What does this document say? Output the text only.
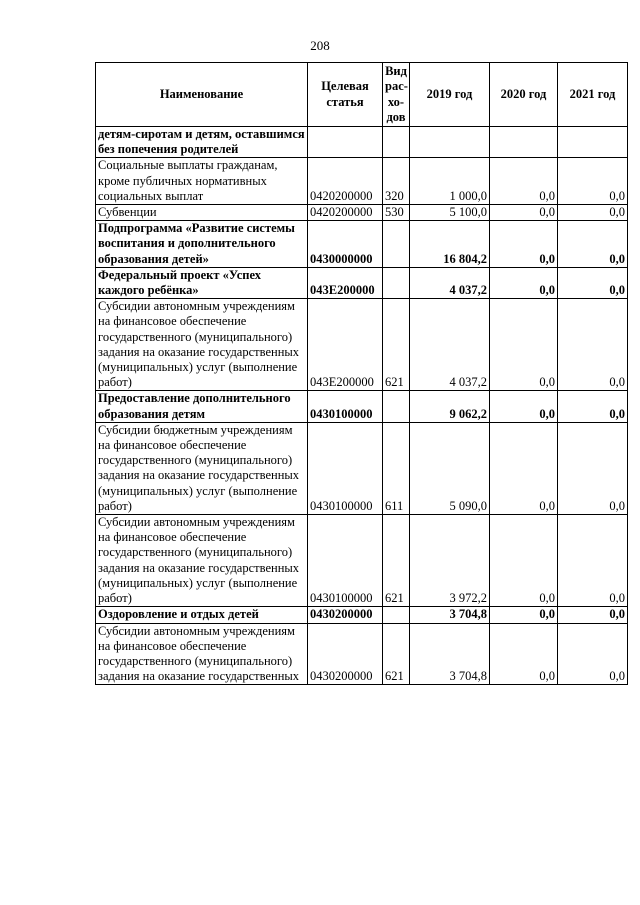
208
Наименование	Целевая статья	Вид рас-хо-дов	2019 год	2020 год	2021 год
детям-сиротам и детям, оставшимся без попечения родителей					
Социальные выплаты гражданам, кроме публичных нормативных социальных выплат	0420200000	320	1 000,0	0,0	0,0
Субвенции	0420200000	530	5 100,0	0,0	0,0
Подпрограмма «Развитие системы воспитания и дополнительного образования детей»	0430000000		16 804,2	0,0	0,0
Федеральный проект «Успех каждого ребёнка»	043Е200000		4 037,2	0,0	0,0
Субсидии автономным учреждениям на финансовое обеспечение государственного (муниципального) задания на оказание государственных (муниципальных) услуг (выполнение работ)	043Е200000	621	4 037,2	0,0	0,0
Предоставление дополнительного образования детям	0430100000		9 062,2	0,0	0,0
Субсидии бюджетным учреждениям на финансовое обеспечение государственного (муниципального) задания на оказание государственных (муниципальных) услуг (выполнение работ)	0430100000	611	5 090,0	0,0	0,0
Субсидии автономным учреждениям на финансовое обеспечение государственного (муниципального) задания на оказание государственных (муниципальных) услуг (выполнение работ)	0430100000	621	3 972,2	0,0	0,0
Оздоровление и отдых детей	0430200000		3 704,8	0,0	0,0
Субсидии автономным учреждениям на финансовое обеспечение государственного (муниципального) задания на оказание государственных	0430200000	621	3 704,8	0,0	0,0
